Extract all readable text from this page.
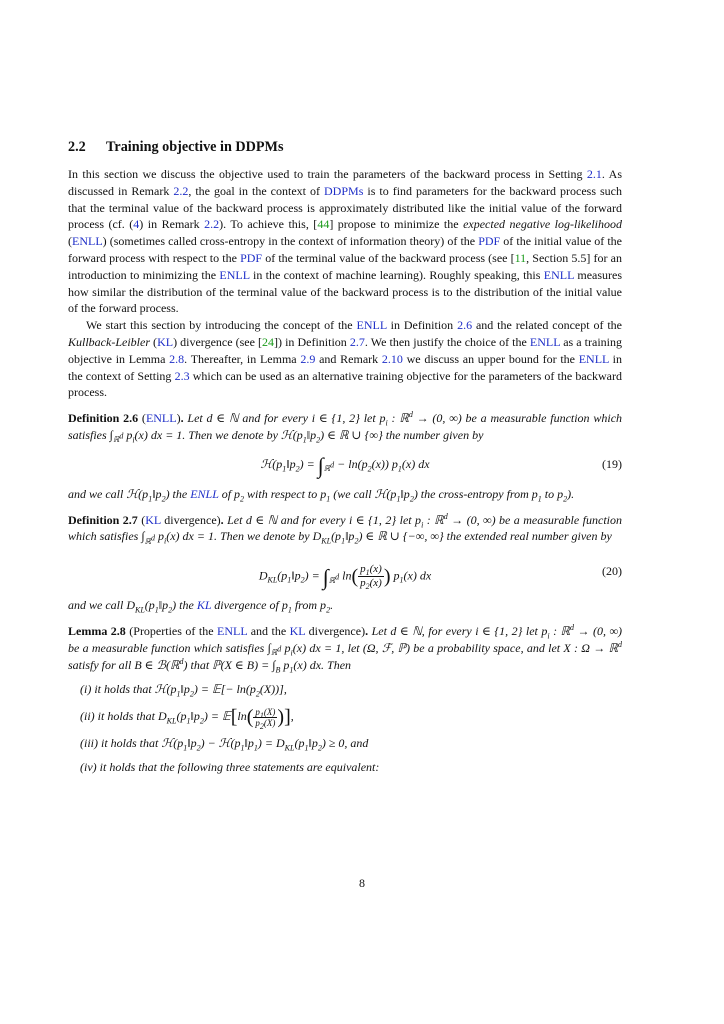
2.2 Training objective in DDPMs

In this section we discuss the objective used to train the parameters of the backward process in Setting 2.1. As discussed in Remark 2.2, the goal in the context of DDPMs is to find parameters for the backward process such that the terminal value of the backward process is approximately distributed like the initial value of the forward process (cf. (4) in Remark 2.2). To achieve this, [44] propose to minimize the expected negative log-likelihood (ENLL) (sometimes called cross-entropy in the context of information theory) of the PDF of the initial value of the forward process with respect to the PDF of the terminal value of the backward process (see [11, Section 5.5] for an introduction to minimizing the ENLL in the context of machine learning). Roughly speaking, this ENLL measures how similar the distribution of the terminal value of the backward process is to the distribution of the initial value of the forward process.

We start this section by introducing the concept of the ENLL in Definition 2.6 and the related concept of the Kullback-Leibler (KL) divergence (see [24]) in Definition 2.7. We then justify the choice of the ENLL as a training objective in Lemma 2.8. Thereafter, in Lemma 2.9 and Remark 2.10 we discuss an upper bound for the ENLL in the context of Setting 2.3 which can be used as an alternative training objective for the parameters of the backward process.

Definition 2.6 (ENLL). Let d ∈ ℕ and for every i ∈ {1, 2} let $p_i$ : ℝ$^d$ → (0, ∞) be a measurable function which satisfies $\int_{ℝ^d}$ $p_i(x)$ dx = 1. Then we denote by $ℋ(p_1‖p_2)$ ∈ ℝ ∪ {∞} the number given by

$ℋ(p_1‖p_2) = \int_{ℝ^d} - \ln(p_2(x))$ $p_1(x)$ dx	(19)

and we call $ℋ(p_1‖p_2)$ the ENLL of $p_2$ with respect to $p_1$ (we call $ℋ(p_1‖p_2)$ the cross-entropy from $p_1$ to $p_2$).

Definition 2.7 (KL divergence). Let d ∈ ℕ and for every i ∈ {1, 2} let $p_i$ : ℝ$^d$ → (0, ∞) be a measurable function which satisfies $\int_{ℝ^d}$ $p_i(x)$ dx = 1. Then we denote by $D_{KL}(p_1‖p_2)$ ∈ ℝ ∪ {−∞, ∞} the extended real number given by

$D_{KL}(p_1‖p_2) = \int_{ℝ^d}$ $\ln( \frac{p_1(x)}{p_2(x)}$ ) $p_1(x)$ dx	(20)

and we call $D_{KL}(p_1‖p_2)$ the KL divergence of $p_1$ from $p_2$.

Lemma 2.8 (Properties of the ENLL and the KL divergence). Let d ∈ ℕ, for every i ∈ {1, 2} let $p_i$ : ℝ$^d$ → (0, ∞) be a measurable function which satisfies $\int_{ℝ^d}$ $p_i(x)$ dx = 1, let (Ω, ℱ, ℙ) be a probability space, and let X : Ω → ℝ$^d$ satisfy for all B ∈ ℬ(ℝ$^d$) that ℙ(X ∈ $B) = \int_B$ $p_1(x)$ dx. Then

(i) it holds that $ℋ(p_1‖p_2)$ = 𝔼[− $\ln(p_2(X))$],
(ii) it holds that $D_{KL}(p_1‖p_2)$ = 𝔼[ln( $\frac{p_1(X)}{p_2(X)}$ )],
(iii) it holds that $ℋ(p_1‖p_2)$ − $ℋ(p_1‖p_1)$ = $D_{KL}(p_1‖p_2) \ge 0$, and
(iv) it holds that the following three statements are equivalent:
8
